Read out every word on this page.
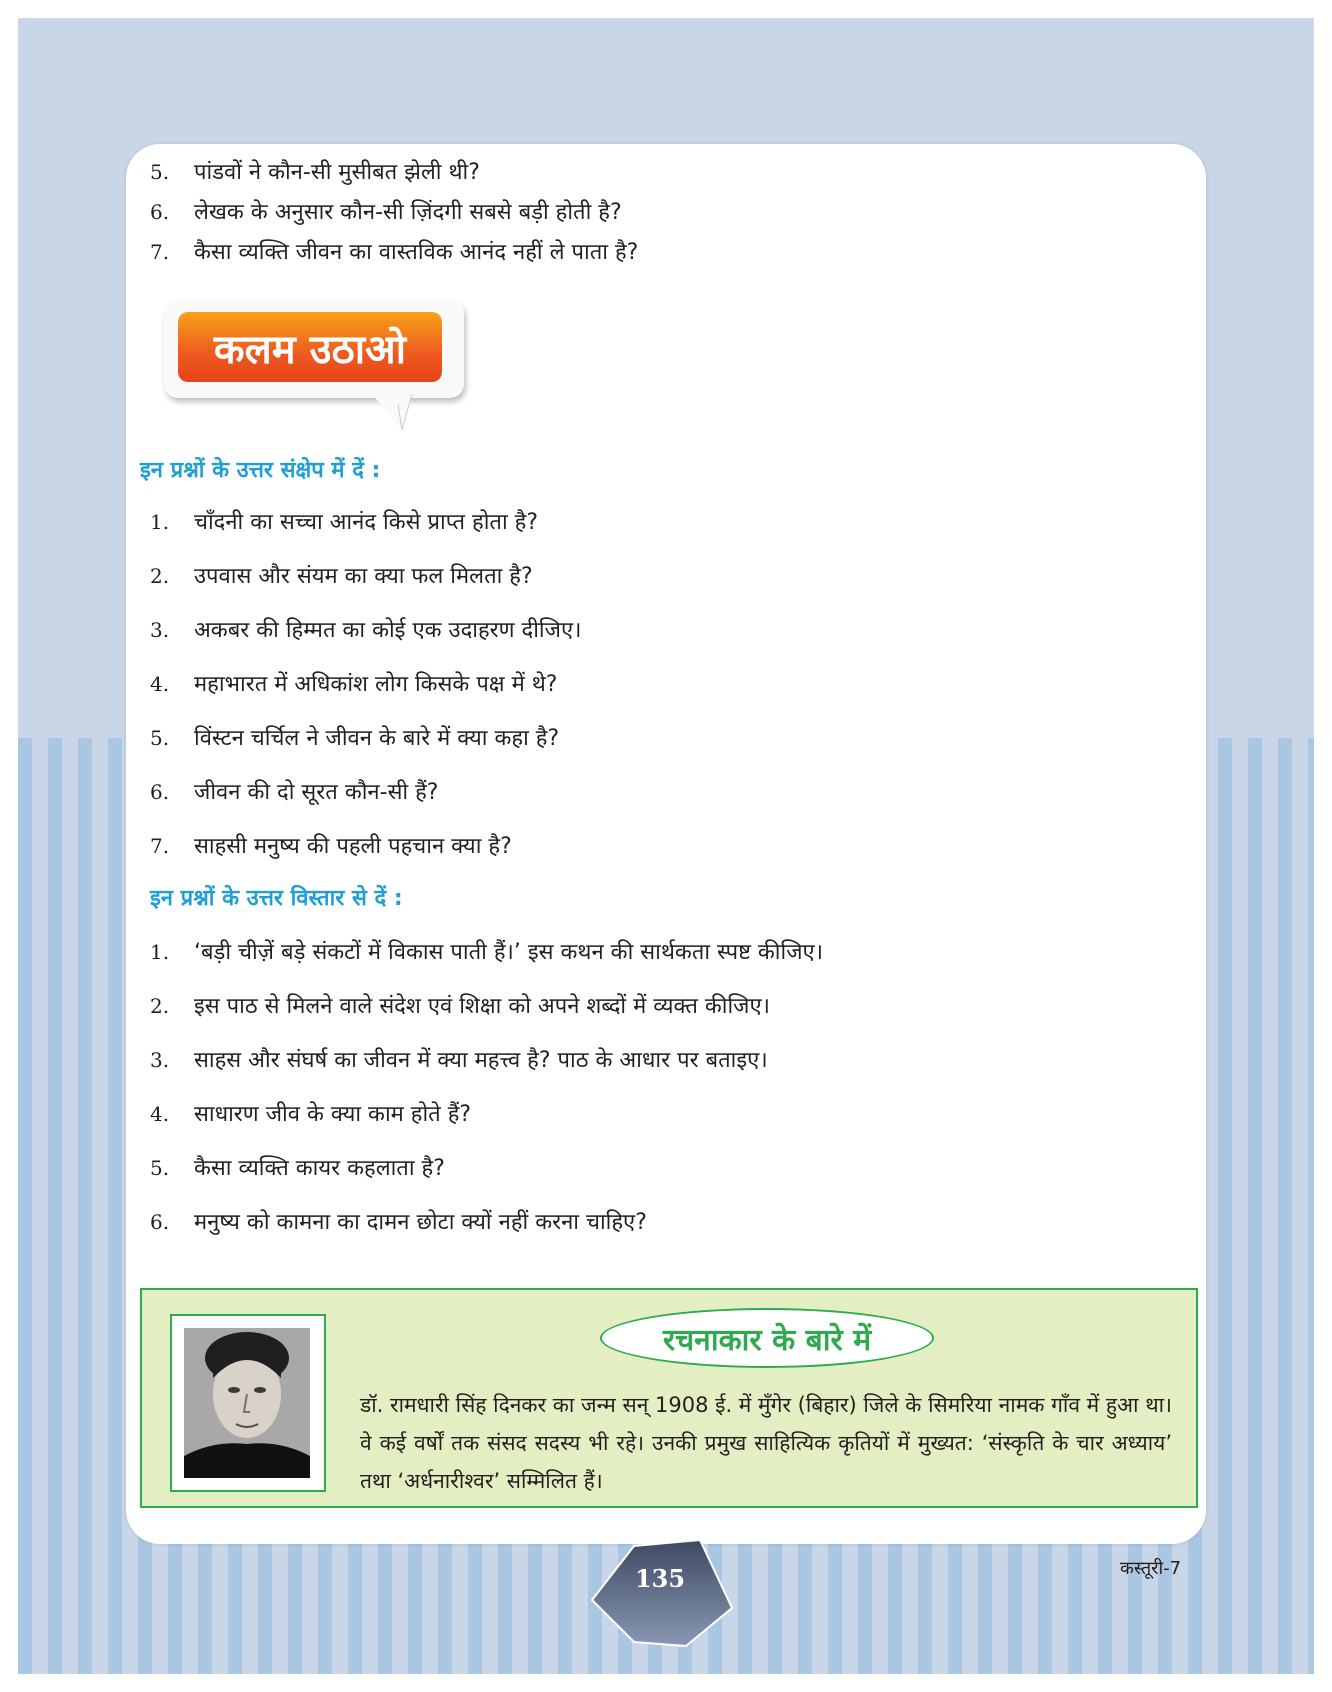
5. पांडवों ने कौन-सी मुसीबत झेली थी?
6. लेखक के अनुसार कौन-सी ज़िंदगी सबसे बड़ी होती है?
7. कैसा व्यक्ति जीवन का वास्तविक आनंद नहीं ले पाता है?
कलम उठाओ
इन प्रश्नों के उत्तर संक्षेप में दें :
1. चाँदनी का सच्चा आनंद किसे प्राप्त होता है?
2. उपवास और संयम का क्या फल मिलता है?
3. अकबर की हिम्मत का कोई एक उदाहरण दीजिए।
4. महाभारत में अधिकांश लोग किसके पक्ष में थे?
5. विंस्टन चर्चिल ने जीवन के बारे में क्या कहा है?
6. जीवन की दो सूरत कौन-सी हैं?
7. साहसी मनुष्य की पहली पहचान क्या है?
इन प्रश्नों के उत्तर विस्तार से दें :
1. ‘बड़ी चीज़ें बड़े संकटों में विकास पाती हैं।’ इस कथन की सार्थकता स्पष्ट कीजिए।
2. इस पाठ से मिलने वाले संदेश एवं शिक्षा को अपने शब्दों में व्यक्त कीजिए।
3. साहस और संघर्ष का जीवन में क्या महत्त्व है? पाठ के आधार पर बताइए।
4. साधारण जीव के क्या काम होते हैं?
5. कैसा व्यक्ति कायर कहलाता है?
6. मनुष्य को कामना का दामन छोटा क्यों नहीं करना चाहिए?
रचनाकार के बारे में
डॉ. रामधारी सिंह दिनकर का जन्म सन् 1908 ई. में मुँगेर (बिहार) जिले के सिमरिया नामक गाँव में हुआ था। वे कई वर्षों तक संसद सदस्य भी रहे। उनकी प्रमुख साहित्यिक कृतियों में मुख्यत: ‘संस्कृति के चार अध्याय’ तथा ‘अर्धनारीश्वर’ सम्मिलित हैं।
135	कस्तूरी-7
